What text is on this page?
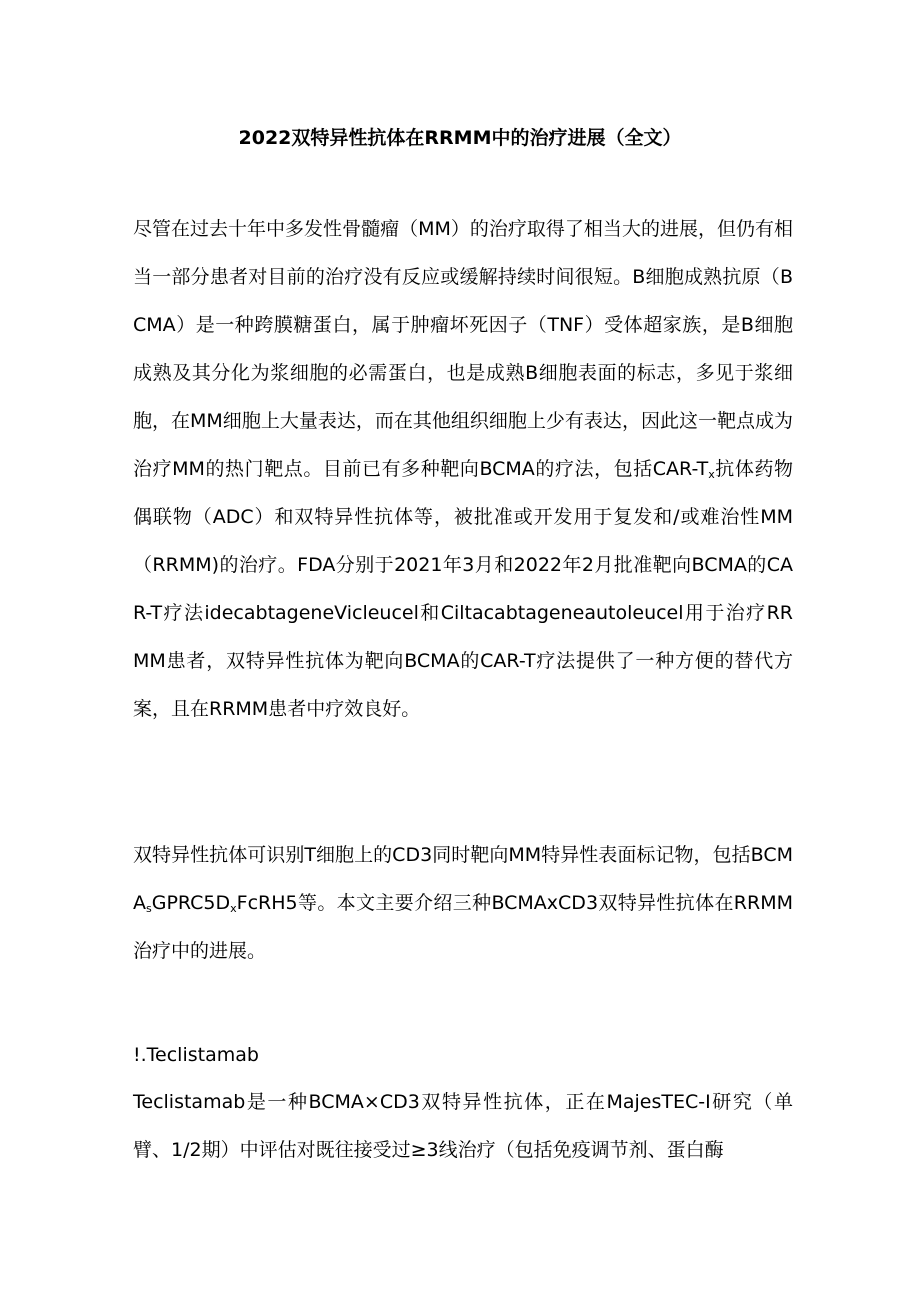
2022双特异性抗体在RRMM中的治疗进展（全文）
尽管在过去十年中多发性骨髓瘤（MM）的治疗取得了相当大的进展，但仍有相当一部分患者对目前的治疗没有反应或缓解持续时间很短。B细胞成熟抗原（BCMA）是一种跨膜糖蛋白，属于肿瘤坏死因子（TNF）受体超家族，是B细胞成熟及其分化为浆细胞的必需蛋白，也是成熟B细胞表面的标志，多见于浆细胞，在MM细胞上大量表达，而在其他组织细胞上少有表达，因此这一靶点成为治疗MM的热门靶点。目前已有多种靶向BCMA的疗法，包括CAR-$T_x$抗体药物偶联物（ADC）和双特异性抗体等，被批准或开发用于复发和/或难治性MM（RRMM)的治疗。FDA分别于2021年3月和2022年2月批准靶向BCMA的CAR-T疗法idecabtageneVicleucel和Ciltacabtageneautoleucel用于治疗RRMM患者，双特异性抗体为靶向BCMA的CAR-T疗法提供了一种方便的替代方案，且在RRMM患者中疗效良好。
双特异性抗体可识别T细胞上的CD3同时靶向MM特异性表面标记物，包括$BCMA_sGPRC5D_xFcRH5$等。本文主要介绍三种BCMAxCD3双特异性抗体在RRMM治疗中的进展。
!.Teclistamab
Teclistamab是一种BCMA×CD3双特异性抗体，正在MajesTEC-I研究（单臂、1/2期）中评估对既往接受过≥3线治疗（包括免疫调节剂、蛋白酶
